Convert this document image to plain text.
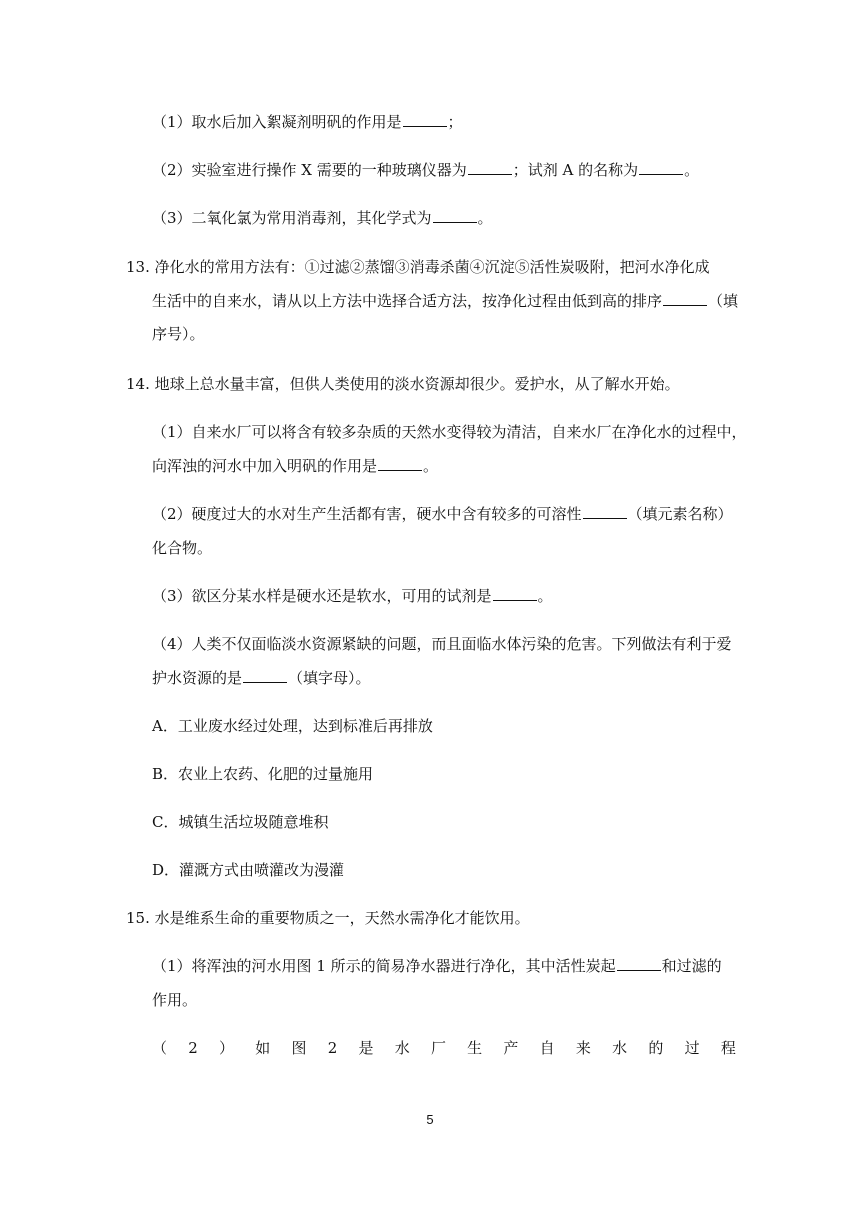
（1）取水后加入絮凝剂明矾的作用是	；
（2）实验室进行操作 X 需要的一种玻璃仪器为	；试剂 A 的名称为	。
（3）二氧化氯为常用消毒剂，其化学式为	。
13. 净化水的常用方法有：①过滤②蒸馏③消毒杀菌④沉淀⑤活性炭吸附，把河水净化成
生活中的自来水，请从以上方法中选择合适方法，按净化过程由低到高的排序	（填
序号）。
14. 地球上总水量丰富，但供人类使用的淡水资源却很少。爱护水，从了解水开始。
（1）自来水厂可以将含有较多杂质的天然水变得较为清洁，自来水厂在净化水的过程中，
向浑浊的河水中加入明矾的作用是	。
（2）硬度过大的水对生产生活都有害，硬水中含有较多的可溶性	（填元素名称）
化合物。
（3）欲区分某水样是硬水还是软水，可用的试剂是	。
（4）人类不仅面临淡水资源紧缺的问题，而且面临水体污染的危害。下列做法有利于爱
护水资源的是	（填字母）。
A．工业废水经过处理，达到标准后再排放
B．农业上农药、化肥的过量施用
C．城镇生活垃圾随意堆积
D．灌溉方式由喷灌改为漫灌
15. 水是维系生命的重要物质之一，天然水需净化才能饮用。
（1）将浑浊的河水用图 1 所示的简易净水器进行净化，其中活性炭起	和过滤的
作用。
（ 2 ） 如 图 2 是 水 厂 生 产 自 来 水 的 过 程
5
